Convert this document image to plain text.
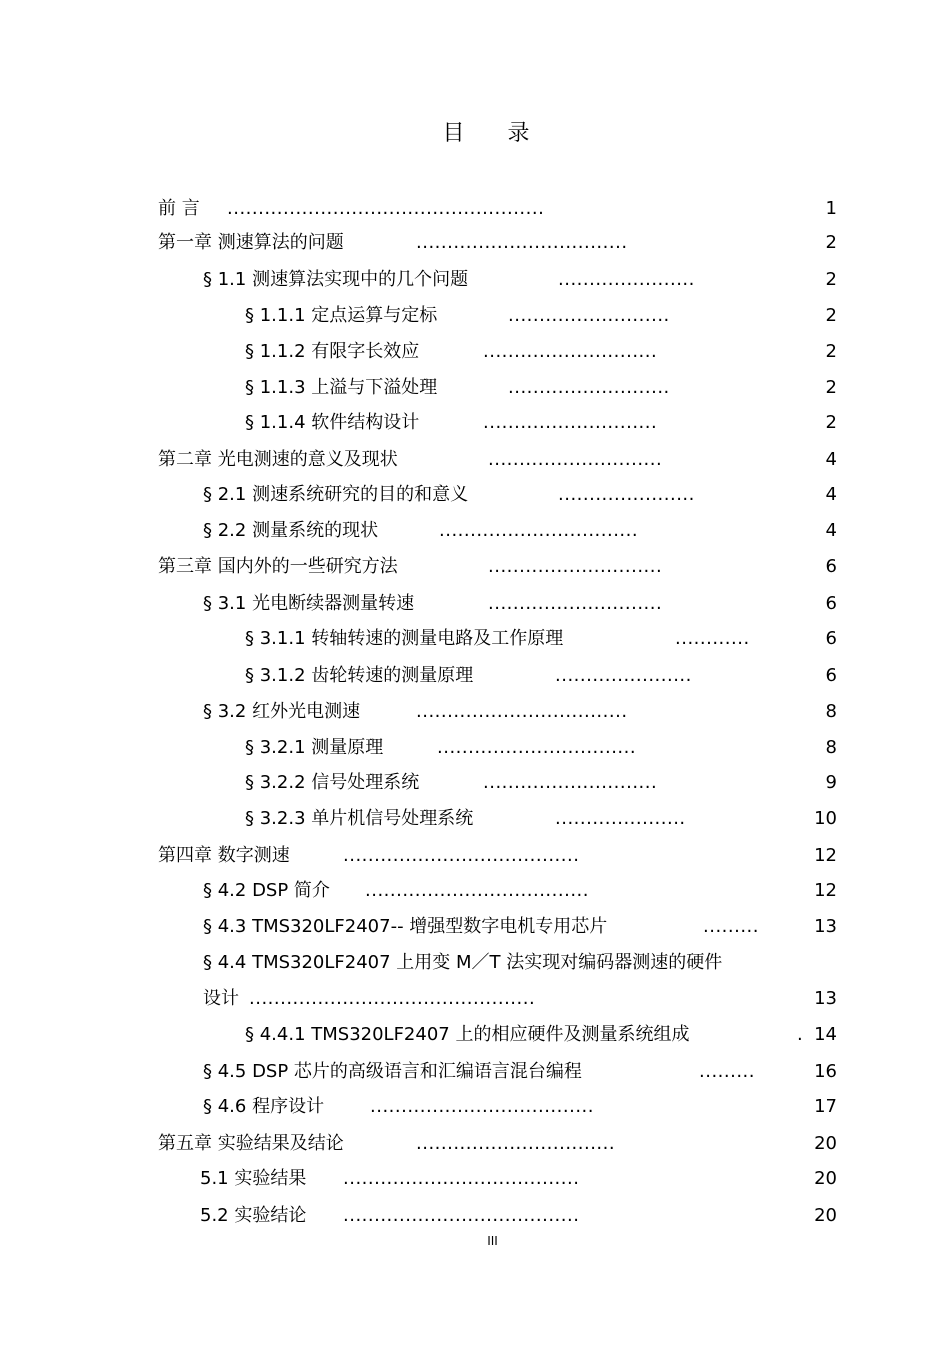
目 录
前 言 ...................................................	1
第一章 测速算法的问题	..................................	2
§ 1.1 测速算法实现中的几个问题	......................	2
§ 1.1.1 定点运算与定标	..........................	2
§ 1.1.2 有限字长效应	............................	2
§ 1.1.3 上溢与下溢处理	..........................	2
§ 1.1.4 软件结构设计	............................	2
第二章 光电测速的意义及现状	............................	4
§ 2.1 测速系统研究的目的和意义	......................	4
§ 2.2 测量系统的现状	................................	4
第三章 国内外的一些研究方法	............................	6
§ 3.1 光电断续器测量转速	............................	6
§ 3.1.1 转轴转速的测量电路及工作原理	............	6
§ 3.1.2 齿轮转速的测量原理	......................	6
§ 3.2 红外光电测速	..................................	8
§ 3.2.1 测量原理	................................	8
§ 3.2.2 信号处理系统	............................	9
§ 3.2.3 单片机信号处理系统	.....................	10
第四章 数字测速	......................................	12
§ 4.2 DSP 简介 ....................................	12
§ 4.3 TMS320LF2407-- 增强型数字电机专用芯片	.........	13
§ 4.4 TMS320LF2407 上用变 M／T 法实现对编码器测速的硬件
设计 ..............................................	13
§ 4.4.1 TMS320LF2407 上的相应硬件及测量系统组成	. 14
§ 4.5 DSP 芯片的高级语言和汇编语言混台编程	.........	16
§ 4.6 程序设计	....................................	17
第五章 实验结果及结论	................................	20
5.1 实验结果 ......................................	20
5.2 实验结论 ......................................	20
III
